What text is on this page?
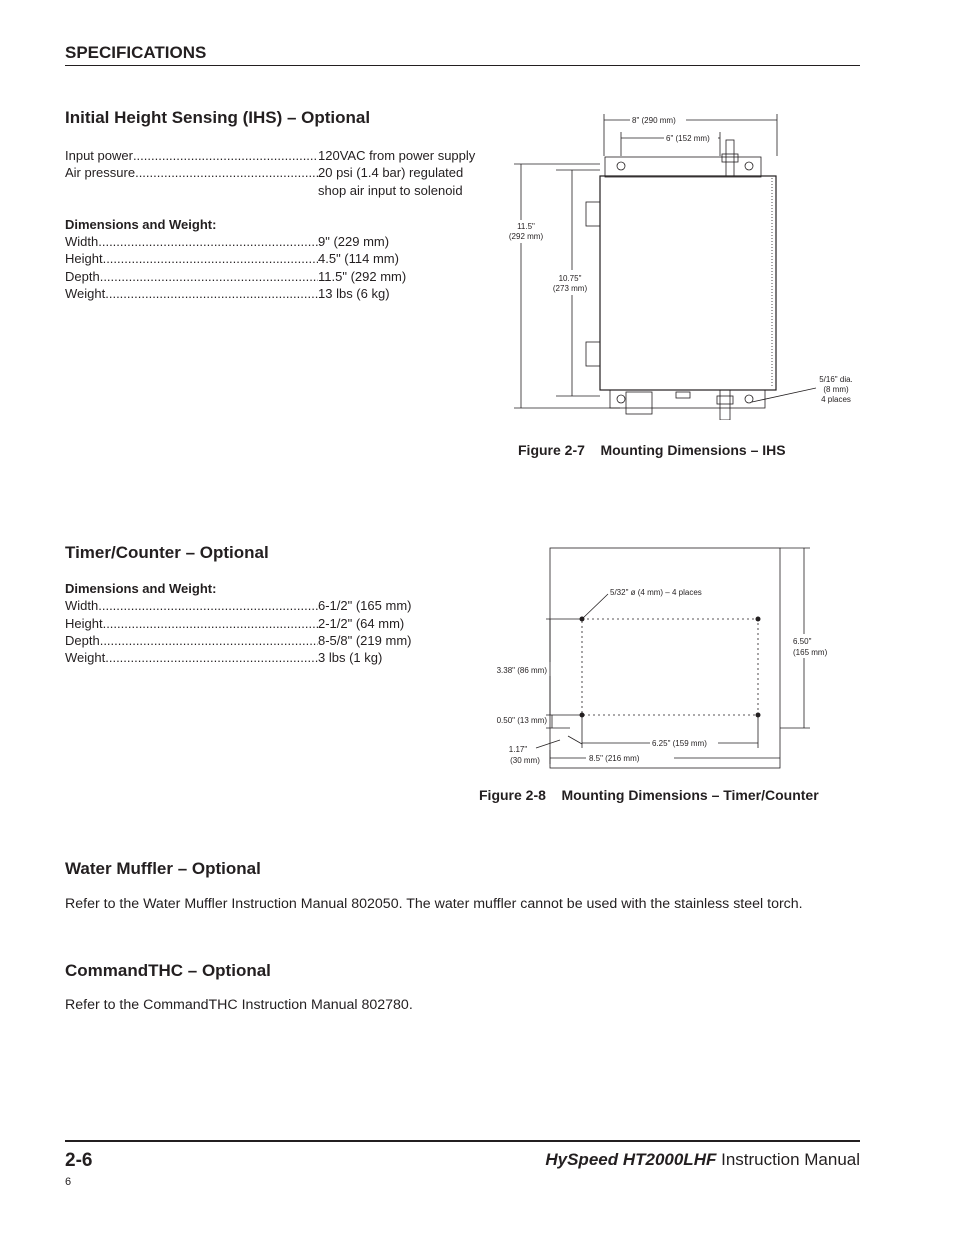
SPECIFICATIONS
Initial Height Sensing (IHS) – Optional
Input power .....	120VAC from power supply
Air pressure .....	20 psi (1.4 bar) regulated
shop air input to solenoid
Dimensions and Weight:
Width .....	9" (229 mm)
Height .....	4.5" (114 mm)
Depth .....	11.5" (292 mm)
Weight .....	13 lbs (6 kg)
8" (290 mm)
6" (152 mm)
11.5"
(292 mm)
10.75"
(273 mm)
5/16" dia.
(8 mm)
4 places
Figure 2-7    Mounting Dimensions – IHS
Timer/Counter – Optional
Dimensions and Weight:
Width .....	6-1/2" (165 mm)
Height .....	2-1/2" (64 mm)
Depth .....	8-5/8" (219 mm)
Weight .....	3 lbs (1 kg)
5/32" ø (4 mm) – 4 places
6.50"
(165 mm)
3.38" (86 mm)
0.50" (13 mm)
1.17"
(30 mm)
6.25" (159 mm)
8.5" (216 mm)
Figure 2-8    Mounting Dimensions – Timer/Counter
Water Muffler – Optional
Refer to the Water Muffler Instruction Manual 802050. The water muffler cannot be used with the stainless steel torch.
CommandTHC – Optional
Refer to the CommandTHC Instruction Manual 802780.
2-6	HySpeed HT2000LHF Instruction Manual
6
